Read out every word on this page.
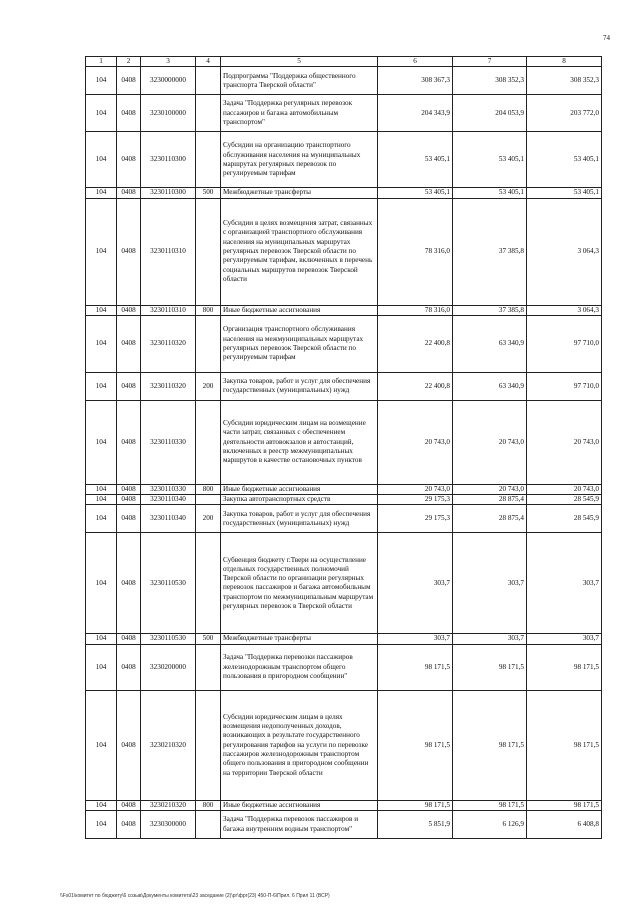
74
1	2	3	4	5	6	7	8
104	0408	3230000000		Подпрограмма "Поддержка общественного транспорта Тверской области"	308 367,3	308 352,3	308 352,3
104	0408	3230100000		Задача "Поддержка регулярных перевозок пассажиров и багажа автомобильным транспортом"	204 343,9	204 053,9	203 772,0
104	0408	3230110300		Субсидии на организацию транспортного обслуживания населения на муниципальных маршрутах регулярных перевозок по регулируемым тарифам	53 405,1	53 405,1	53 405,1
104	0408	3230110300	500	Межбюджетные трансферты	53 405,1	53 405,1	53 405,1
104	0408	3230110310		Субсидии в целях возмещения затрат, связанных с организацией транспортного обслуживания населения на муниципальных маршрутах регулярных перевозок Тверской области по регулируемым тарифам, включенных в перечень социальных маршрутов перевозок Тверской области	78 316,0	37 385,8	3 064,3
104	0408	3230110310	800	Иные бюджетные ассигнования	78 316,0	37 385,8	3 064,3
104	0408	3230110320		Организация транспортного обслуживания населения на межмуниципальных маршрутах регулярных перевозок Тверской области по регулируемым тарифам	22 400,8	63 340,9	97 710,0
104	0408	3230110320	200	Закупка товаров, работ и услуг для обеспечения государственных (муниципальных) нужд	22 400,8	63 340,9	97 710,0
104	0408	3230110330		Субсидии юридическим лицам на возмещение части затрат, связанных с обеспечением деятельности автовокзалов и автостанций, включенных в реестр межмуниципальных маршрутов в качестве остановочных пунктов	20 743,0	20 743,0	20 743,0
104	0408	3230110330	800	Иные бюджетные ассигнования	20 743,0	20 743,0	20 743,0
104	0408	3230110340		Закупка автотранспортных средств	29 175,3	28 875,4	28 545,9
104	0408	3230110340	200	Закупка товаров, работ и услуг для обеспечения государственных (муниципальных) нужд	29 175,3	28 875,4	28 545,9
104	0408	3230110530		Субвенция бюджету г.Твери на осуществление отдельных государственных полномочий Тверской области по организации регулярных перевозок пассажиров и багажа автомобильным транспортом по межмуниципальным маршрутам регулярных перевозок в Тверской области	303,7	303,7	303,7
104	0408	3230110530	500	Межбюджетные трансферты	303,7	303,7	303,7
104	0408	3230200000		Задача "Поддержка перевозки пассажиров железнодорожным транспортом общего пользования в пригородном сообщении"	98 171,5	98 171,5	98 171,5
104	0408	3230210320		Субсидии юридическим лицам в целях возмещения недополученных доходов, возникающих в результате государственного регулирования тарифов на услуги по перевозке пассажиров железнодорожным транспортом общего пользования в пригородном сообщении на территории Тверской области	98 171,5	98 171,5	98 171,5
104	0408	3230210320	800	Иные бюджетные ассигнования	98 171,5	98 171,5	98 171,5
104	0408	3230300000		Задача "Поддержка перевозок пассажиров и багажа внутренним водным транспортом"	5 851,9	6 126,9	6 408,8
\\Fs01\комитет по бюджету\6 созыв\Документы комитета\23 заседание (2)\рг\фрг(23) 450-П-6\Прил. 6 Прил 11 (ВСР)
